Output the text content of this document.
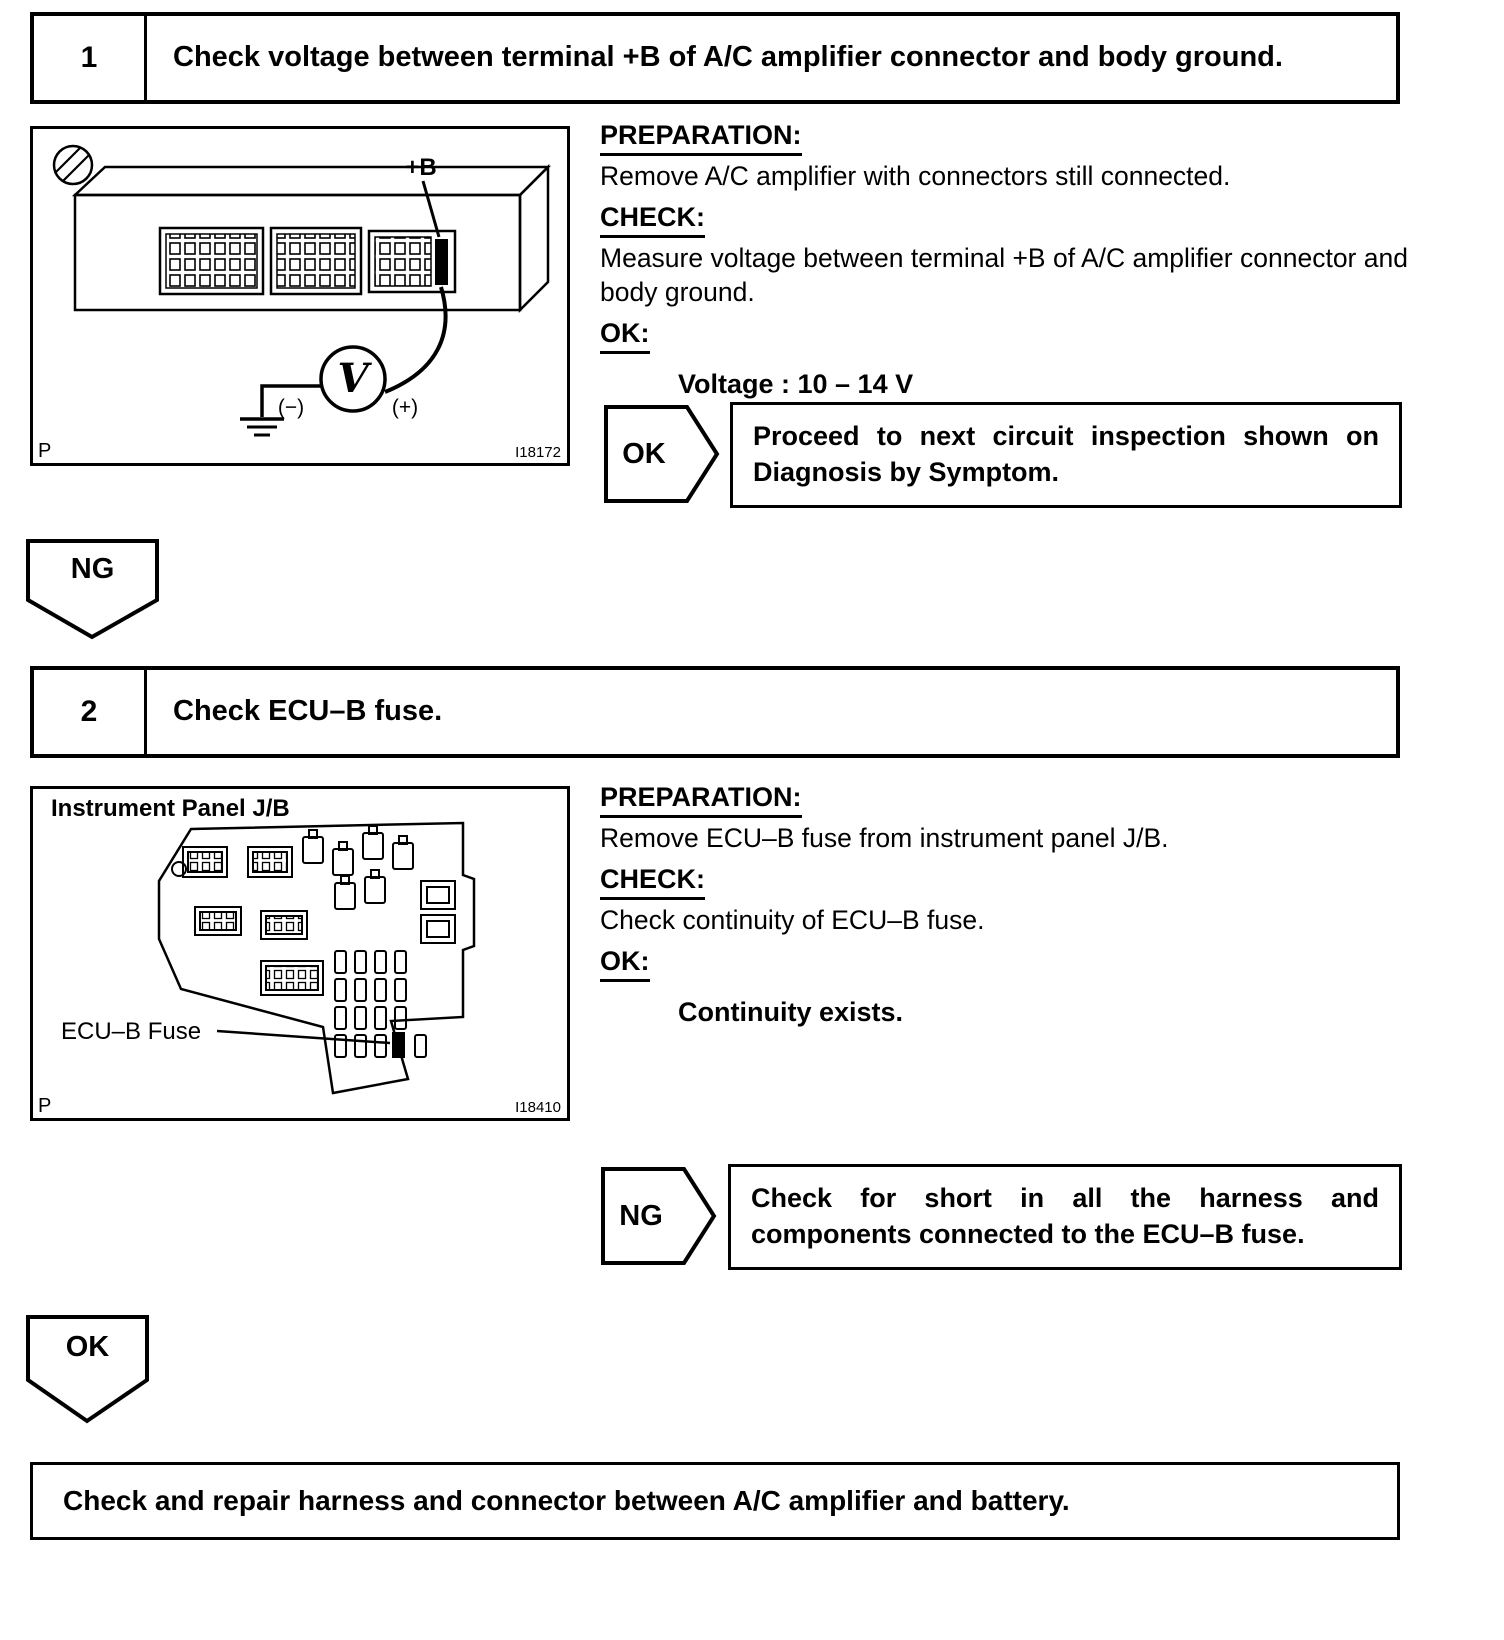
1	Check voltage between terminal +B of A/C amplifier connector and body ground.
V
+B
(−)	(+)
P	I18172
PREPARATION:
Remove A/C amplifier with connectors still connected.
CHECK:
Measure voltage between terminal +B of A/C amplifier connector and body ground.
OK:
Voltage : 10 – 14 V
OK
Proceed to next circuit inspection shown on Diagnosis by Symptom.
NG
2	Check ECU–B fuse.
Instrument Panel J/B
ECU–B Fuse
P	I18410
PREPARATION:
Remove ECU–B fuse from instrument panel J/B.
CHECK:
Check continuity of ECU–B fuse.
OK:
Continuity exists.
NG
Check for short in all the harness and components connected to the ECU–B fuse.
OK
Check and repair harness and connector between A/C amplifier and battery.
